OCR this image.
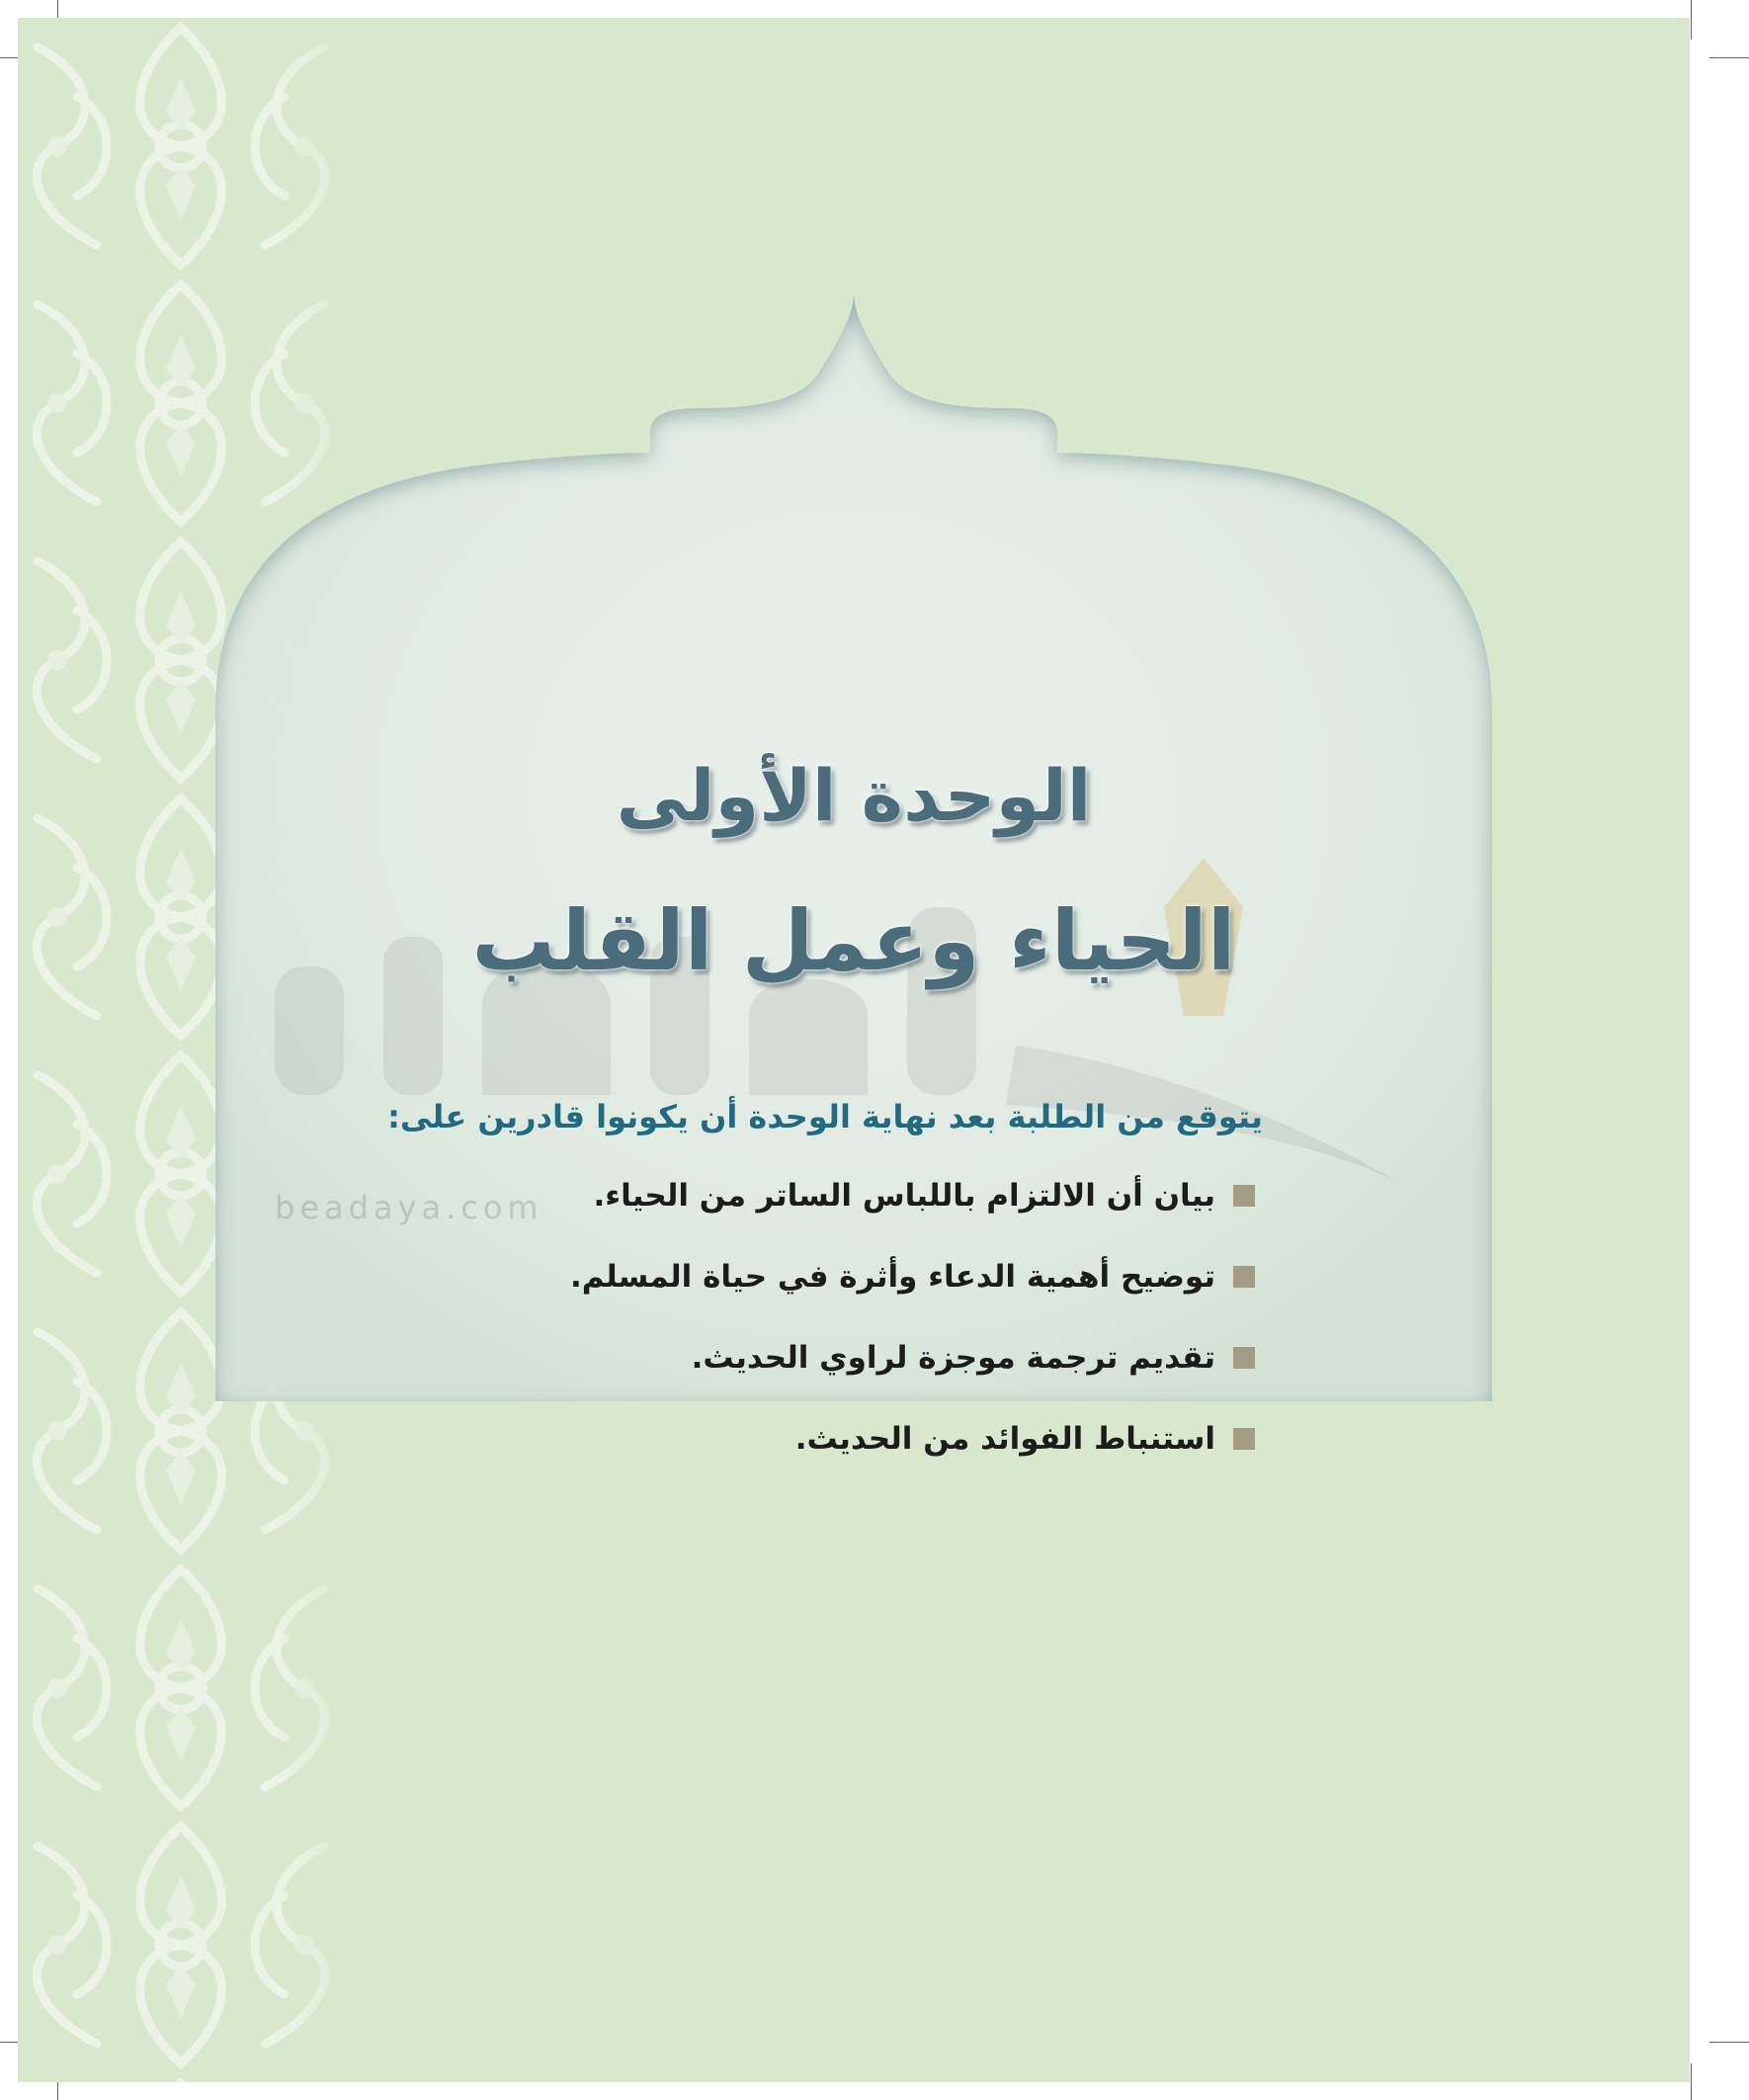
beadaya.com
الوحدة الأولى
الحياء وعمل القلب
يتوقع من الطلبة بعد نهاية الوحدة أن يكونوا قادرين على:
بيان أن الالتزام باللباس الساتر من الحياء.
توضيح أهمية الدعاء وأثرة في حياة المسلم.
تقديم ترجمة موجزة لراوي الحديث.
استنباط الفوائد من الحديث.
